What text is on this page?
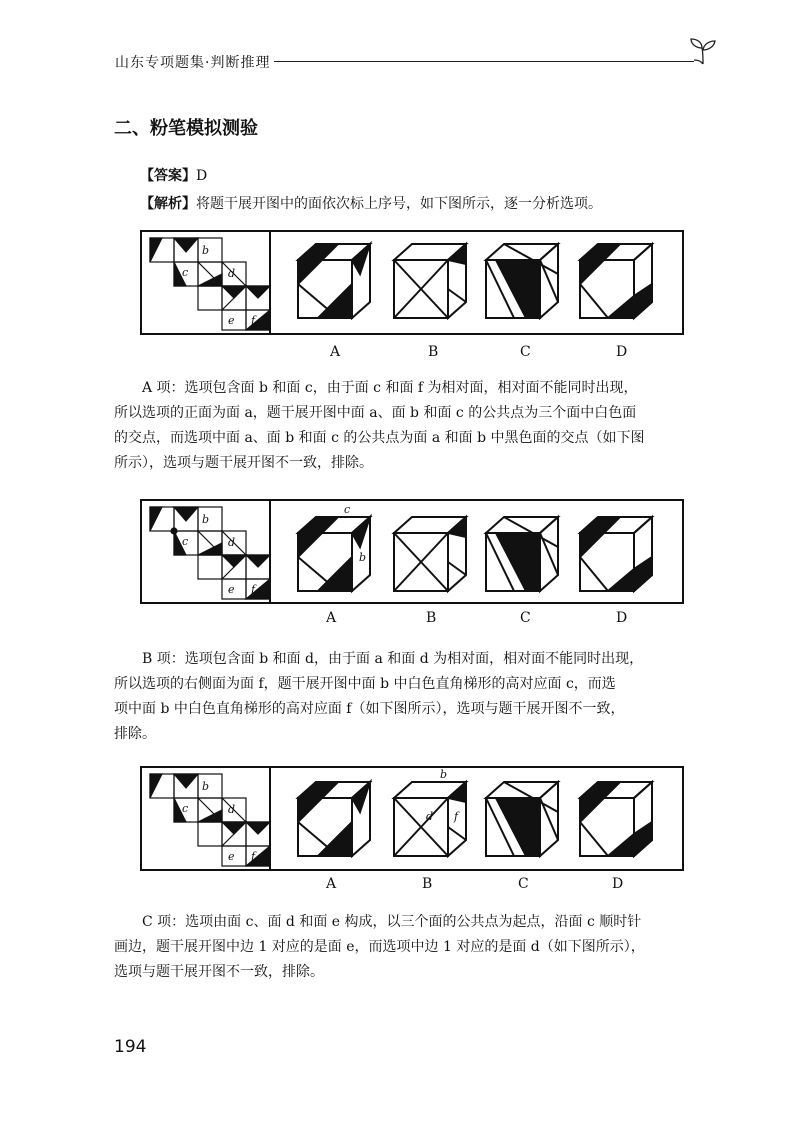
山东专项题集·判断推理
二、粉笔模拟测验
【答案】D
【解析】将题干展开图中的面依次标上序号，如下图所示，逐一分析选项。
a	b
c	d
e f
A	B	C	D
A 项：选项包含面 b 和面 c，由于面 c 和面 f 为相对面，相对面不能同时出现，
所以选项的正面为面 a，题干展开图中面 a、面 b 和面 c 的公共点为三个面中白色面
的交点，而选项中面 a、面 b 和面 c 的公共点为面 a 和面 b 中黑色面的交点（如下图
所示），选项与题干展开图不一致，排除。
a	b
c	d
e f
c
a	b
A	B	C	D
B 项：选项包含面 b 和面 d，由于面 a 和面 d 为相对面，相对面不能同时出现，
所以选项的右侧面为面 f，题干展开图中面 b 中白色直角梯形的高对应面 c，而选
项中面 b 中白色直角梯形的高对应面 f（如下图所示），选项与题干展开图不一致，
排除。
a	b
c	d
e f
b
d f
A	B	C	D
C 项：选项由面 c、面 d 和面 e 构成，以三个面的公共点为起点，沿面 c 顺时针
画边，题干展开图中边 1 对应的是面 e，而选项中边 1 对应的是面 d（如下图所示），
选项与题干展开图不一致，排除。
194
